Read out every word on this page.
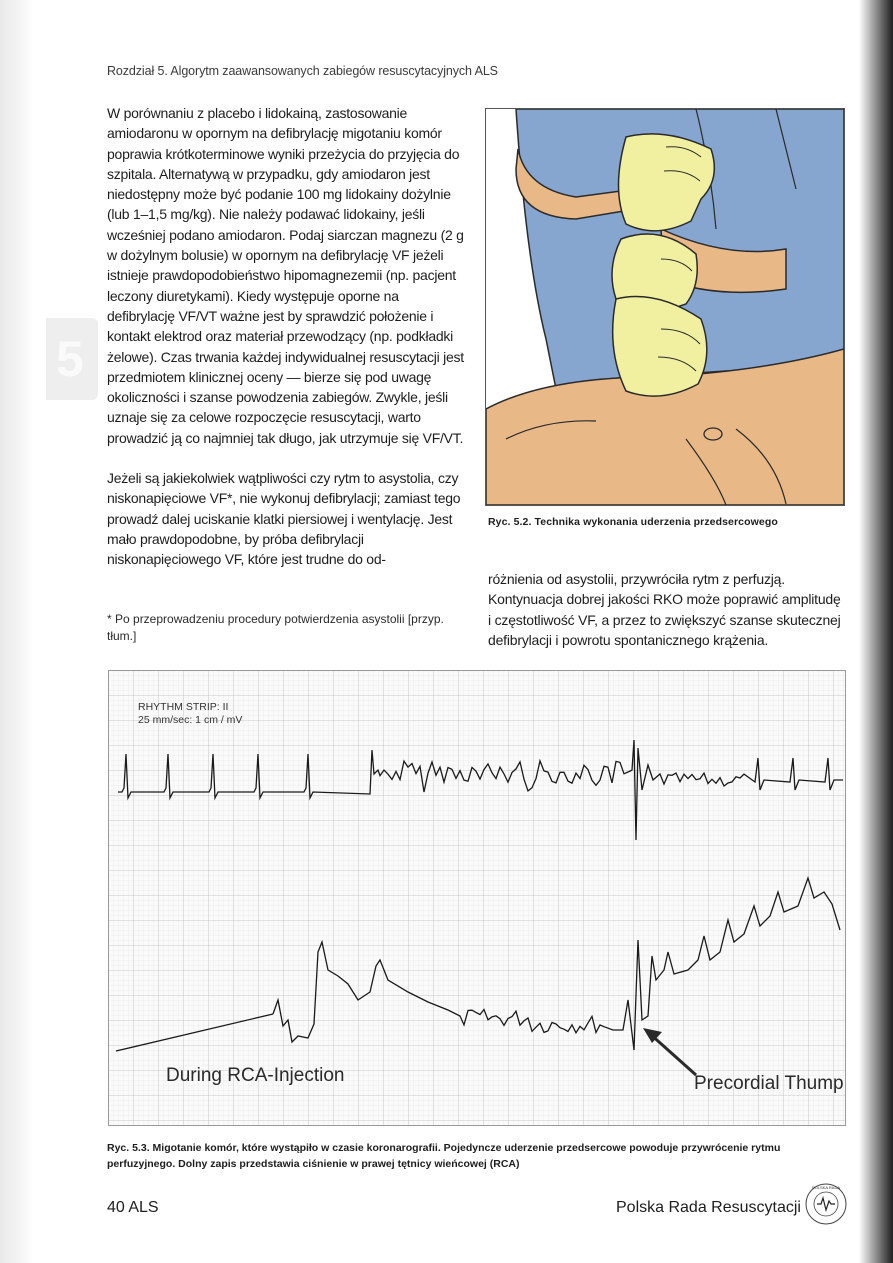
5
Rozdział 5. Algorytm zaawansowanych zabiegów resuscytacyjnych ALS

W porównaniu z placebo i lidokainą, zastosowanie amiodaronu w opornym na defibrylację migotaniu komór poprawia krótkoterminowe wyniki przeżycia do przyjęcia do szpitala. Alternatywą w przypadku, gdy amiodaron jest niedostępny może być podanie 100 mg lidokainy dożylnie (lub 1–1,5 mg/kg). Nie należy podawać lidokainy, jeśli wcześniej podano amiodaron. Podaj siarczan magnezu (2 g w dożylnym bolusie) w opornym na defibrylację VF jeżeli istnieje prawdopodobieństwo hipomagnezemii (np. pacjent leczony diuretykami). Kiedy występuje oporne na defibrylację VF/VT ważne jest by sprawdzić położenie i kontakt elektrod oraz materiał przewodzący (np. podkładki żelowe). Czas trwania każdej indywidualnej resuscytacji jest przedmiotem klinicznej oceny — bierze się pod uwagę okoliczności i szanse powodzenia zabiegów. Zwykle, jeśli uznaje się za celowe rozpoczęcie resuscytacji, warto prowadzić ją co najmniej tak długo, jak utrzymuje się VF/VT.

Jeżeli są jakiekolwiek wątpliwości czy rytm to asystolia, czy niskonapięciowe VF*, nie wykonuj defibrylacji; zamiast tego prowadź dalej uciskanie klatki piersiowej i wentylację. Jest mało prawdopodobne, by próba defibrylacji niskonapięciowego VF, które jest trudne do od-

* Po przeprowadzeniu procedury potwierdzenia asystolii [przyp. tłum.]
Ryc. 5.2. Technika wykonania uderzenia przedsercowego
różnienia od asystolii, przywróciła rytm z perfuzją. Kontynuacja dobrej jakości RKO może poprawić amplitudę i częstotliwość VF, a przez to zwiększyć szanse skutecznej defibrylacji i powrotu spontanicznego krążenia.
RHYTHM STRIP: II
25 mm/sec: 1 cm / mV
During RCA-Injection	Precordial Thump
Ryc. 5.3. Migotanie komór, które wystąpiło w czasie koronarografii. Pojedyncze uderzenie przedsercowe powoduje przywrócenie rytmu perfuzyjnego. Dolny zapis przedstawia ciśnienie w prawej tętnicy wieńcowej (RCA)
40 ALS	Polska Rada Resuscytacji
POLSKA RADA
